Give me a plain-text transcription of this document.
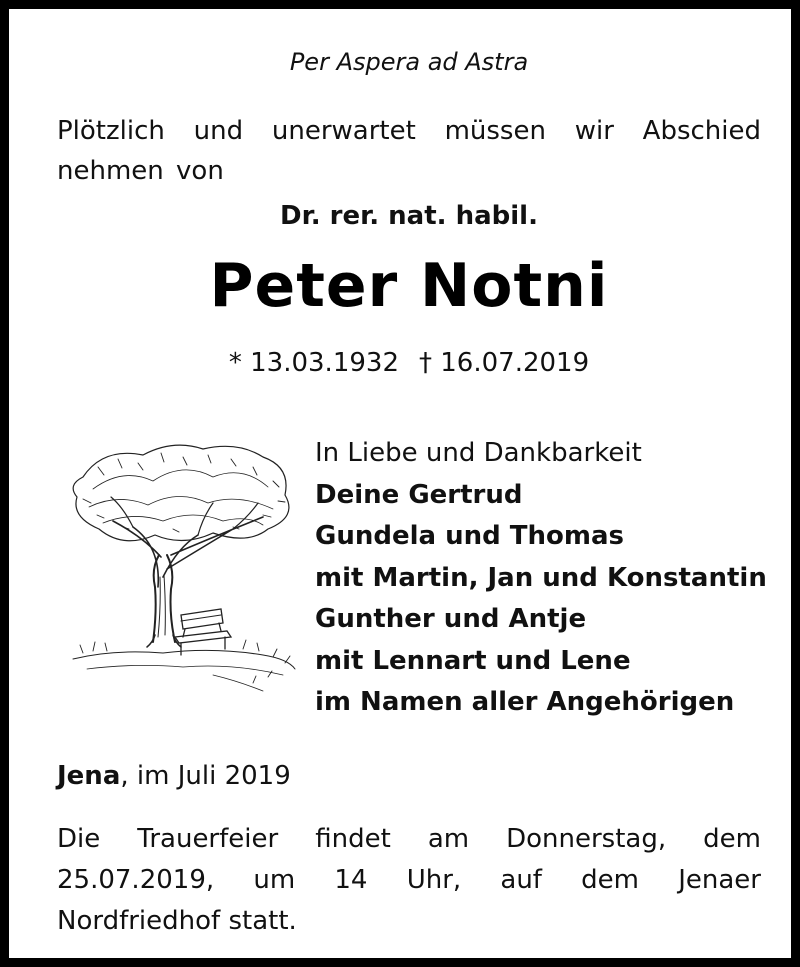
Per Aspera ad Astra
Plötzlich und unerwartet müssen wir Abschied
nehmen von
Dr. rer. nat. habil.
Peter Notni
* 13.03.1932 † 16.07.2019
In Liebe und Dankbarkeit
Deine Gertrud
Gundela und Thomas
mit Martin, Jan und Konstantin
Gunther und Antje
mit Lennart und Lene
im Namen aller Angehörigen
Jena, im Juli 2019
Die Trauerfeier findet am Donnerstag, dem
25.07.2019, um 14 Uhr, auf dem Jenaer
Nordfriedhof statt.
